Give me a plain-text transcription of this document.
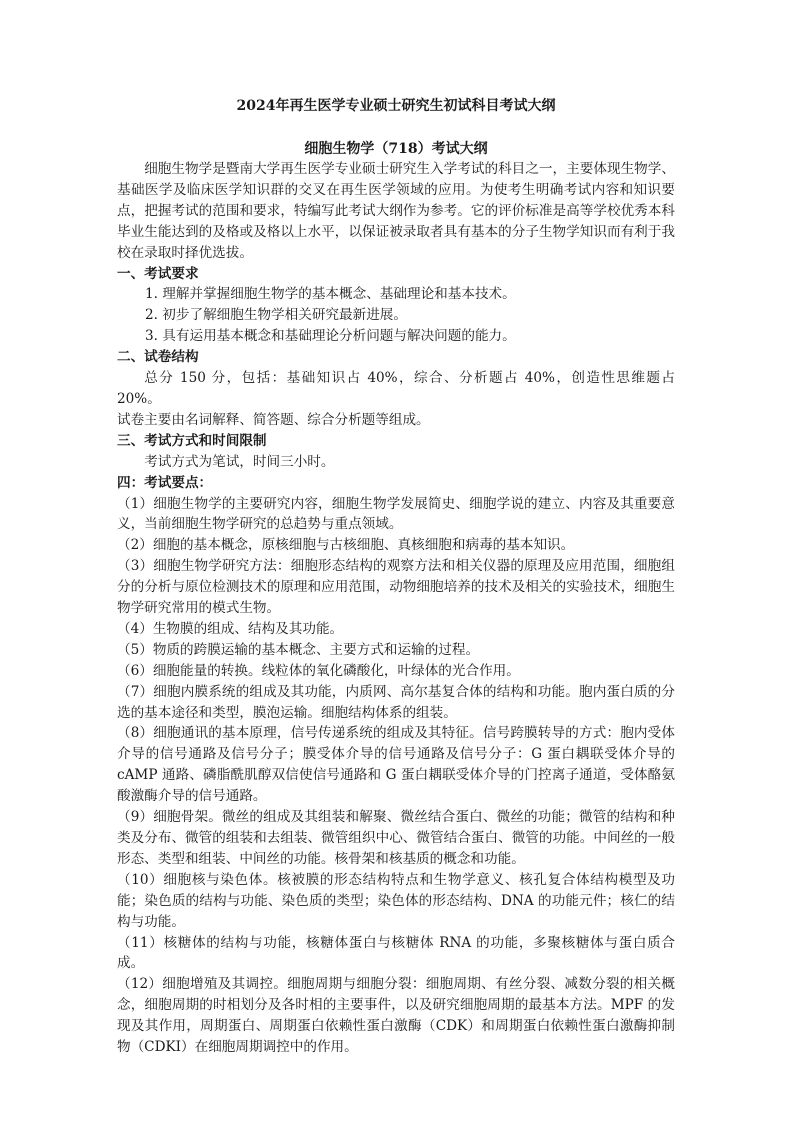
2024年再生医学专业硕士研究生初试科目考试大纲
细胞生物学（718）考试大纲

细胞生物学是暨南大学再生医学专业硕士研究生入学考试的科目之一，主要体现生物学、基础医学及临床医学知识群的交叉在再生医学领域的应用。为使考生明确考试内容和知识要点，把握考试的范围和要求，特编写此考试大纲作为参考。它的评价标准是高等学校优秀本科毕业生能达到的及格或及格以上水平，以保证被录取者具有基本的分子生物学知识而有利于我校在录取时择优选拔。

一、考试要求

1. 理解并掌握细胞生物学的基本概念、基础理论和基本技术。

2. 初步了解细胞生物学相关研究最新进展。

3. 具有运用基本概念和基础理论分析问题与解决问题的能力。

二、试卷结构

总分 150 分，包括：基础知识占 40%，综合、分析题占 40%，创造性思维题占 20%。

试卷主要由名词解释、简答题、综合分析题等组成。

三、考试方式和时间限制

考试方式为笔试，时间三小时。

四：考试要点：

（1）细胞生物学的主要研究内容，细胞生物学发展简史、细胞学说的建立、内容及其重要意义，当前细胞生物学研究的总趋势与重点领域。

（2）细胞的基本概念，原核细胞与古核细胞、真核细胞和病毒的基本知识。

（3）细胞生物学研究方法：细胞形态结构的观察方法和相关仪器的原理及应用范围，细胞组分的分析与原位检测技术的原理和应用范围，动物细胞培养的技术及相关的实验技术，细胞生物学研究常用的模式生物。

（4）生物膜的组成、结构及其功能。

（5）物质的跨膜运输的基本概念、主要方式和运输的过程。

（6）细胞能量的转换。线粒体的氧化磷酸化，叶绿体的光合作用。

（7）细胞内膜系统的组成及其功能，内质网、高尔基复合体的结构和功能。胞内蛋白质的分选的基本途径和类型，膜泡运输。细胞结构体系的组装。

（8）细胞通讯的基本原理，信号传递系统的组成及其特征。信号跨膜转导的方式：胞内受体介导的信号通路及信号分子；膜受体介导的信号通路及信号分子：G 蛋白耦联受体介导的 cAMP 通路、磷脂酰肌醇双信使信号通路和 G 蛋白耦联受体介导的门控离子通道，受体酪氨酸激酶介导的信号通路。

（9）细胞骨架。微丝的组成及其组装和解聚、微丝结合蛋白、微丝的功能；微管的结构和种类及分布、微管的组装和去组装、微管组织中心、微管结合蛋白、微管的功能。中间丝的一般形态、类型和组装、中间丝的功能。核骨架和核基质的概念和功能。

（10）细胞核与染色体。核被膜的形态结构特点和生物学意义、核孔复合体结构模型及功能；染色质的结构与功能、染色质的类型；染色体的形态结构、DNA 的功能元件；核仁的结构与功能。

（11）核糖体的结构与功能，核糖体蛋白与核糖体 RNA 的功能，多聚核糖体与蛋白质合成。

（12）细胞增殖及其调控。细胞周期与细胞分裂：细胞周期、有丝分裂、减数分裂的相关概念，细胞周期的时相划分及各时相的主要事件，以及研究细胞周期的最基本方法。MPF 的发现及其作用，周期蛋白、周期蛋白依赖性蛋白激酶（CDK）和周期蛋白依赖性蛋白激酶抑制物（CDKI）在细胞周期调控中的作用。
